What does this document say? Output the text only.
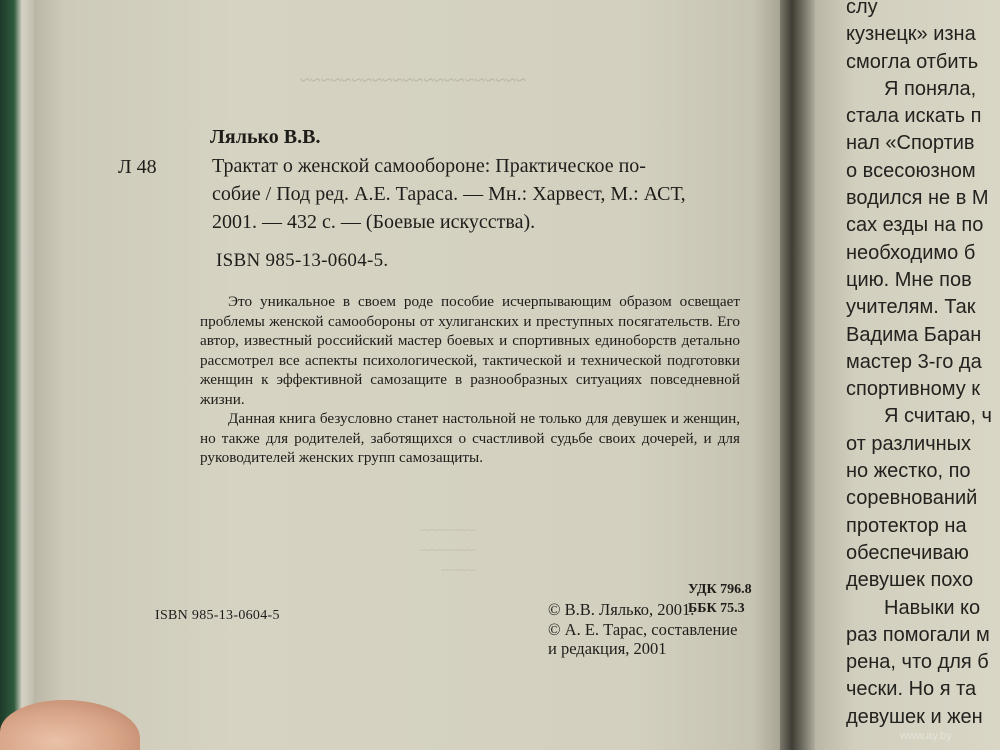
~~~~~~~~~~~~~~~~~~~~~~
~~~~~~~~
~~~~~~~~
~~~~~
Лялько В.В.
Л 48	Трактат о женской самообороне: Практическое по-
собие / Под ред. А.Е. Тараса. — Мн.: Харвест, М.: АСТ,
2001. — 432 с. — (Боевые искусства).
ISBN 985-13-0604-5.

Это уникальное в своем роде пособие исчерпывающим образом освещает проблемы женской самообороны от хулиганских и преступных посягательств. Его автор, известный российский мастер боевых и спортивных единоборств детально рассмотрел все аспекты психологической, тактической и технической подготовки женщин к эффективной самозащите в разнообразных ситуациях повседневной жизни.

Данная книга безусловно станет настольной не только для девушек и женщин, но также для родителей, заботящихся о счастливой судьбе своих дочерей, и для руководителей женских групп самозащиты.

УДК 796.8
ББК 75.3
© В.В. Лялько, 2001.
© А. Е. Тарас, составление
и редакция, 2001
ISBN 985-13-0604-5
слу
кузнецк» изна
смогла отбить
Я поняла,
стала искать п
нал «Спортив
о всесоюзном
водился не в М
сах езды на по
необходимо б
цию. Мне пов
учителям. Так
Вадима Баран
мастер 3-го да
спортивному к
Я считаю, ч
от различных
но жестко, по
соревнований
протектор на
обеспечиваю
девушек похо
Навыки ко
раз помогали м
рена, что для б
чески. Но я та
девушек и жен
www.ay.by
